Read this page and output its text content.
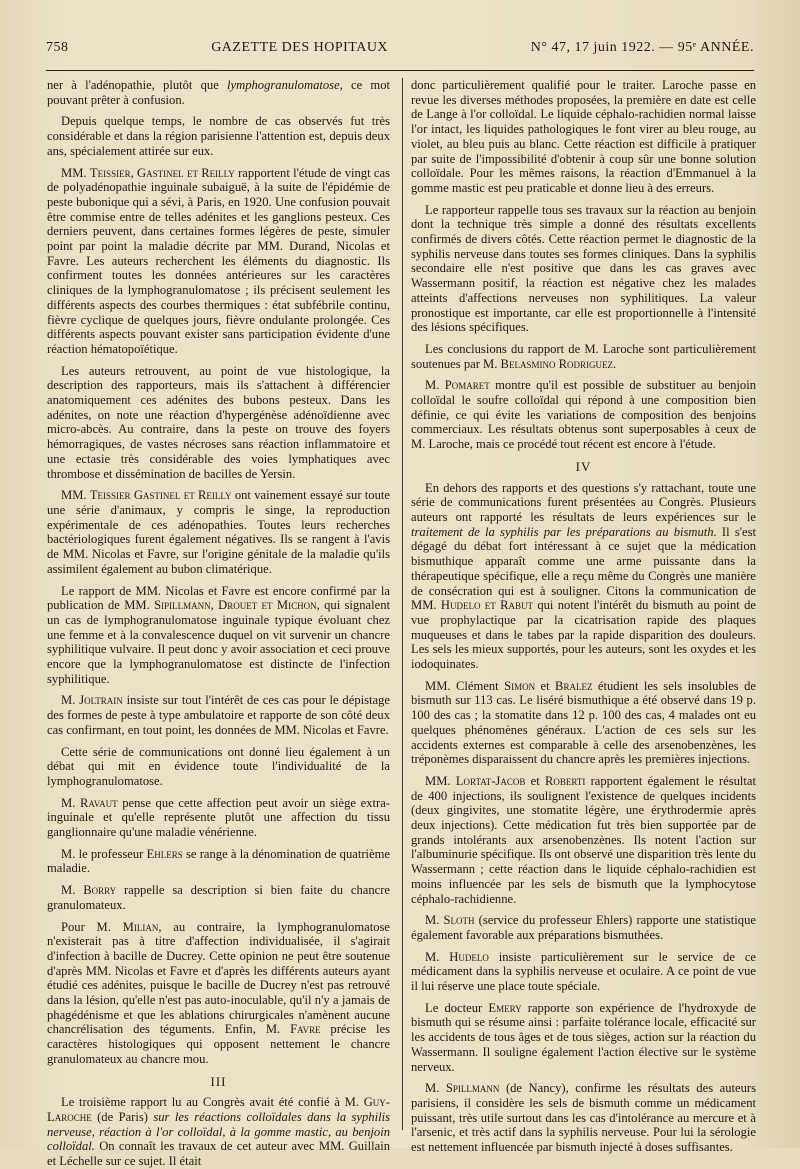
758	GAZETTE DES HOPITAUX	N° 47, 17 juin 1922. — 95ᵉ ANNÉE.

ner à l'adénopathie, plutôt que lymphogranulomatose, ce mot pouvant prêter à confusion.

Depuis quelque temps, le nombre de cas observés fut très considérable et dans la région parisienne l'attention est, depuis deux ans, spécialement attirée sur eux.

MM. Teissier, Gastinel et Reilly rapportent l'étude de vingt cas de polyadénopathie inguinale subaiguë, à la suite de l'épidémie de peste bubonique qui a sévi, à Paris, en 1920. Une confusion pouvait être commise entre de telles adénites et les ganglions pesteux. Ces derniers peuvent, dans certaines formes légères de peste, simuler point par point la maladie décrite par MM. Durand, Nicolas et Favre. Les auteurs recherchent les éléments du diagnostic. Ils confirment toutes les données antérieures sur les caractères cliniques de la lymphogranulomatose ; ils précisent seulement les différents aspects des courbes thermiques : état subfébrile continu, fièvre cyclique de quelques jours, fièvre ondulante prolongée. Ces différents aspects pouvant exister sans participation évidente d'une réaction hématopoïétique.

Les auteurs retrouvent, au point de vue histologique, la description des rapporteurs, mais ils s'attachent à différencier anatomiquement ces adénites des bubons pesteux. Dans les adénites, on note une réaction d'hypergénèse adénoïdienne avec micro-abcès. Au contraire, dans la peste on trouve des foyers hémorragiques, de vastes nécroses sans réaction inflammatoire et une ectasie très considérable des voies lymphatiques avec thrombose et dissémination de bacilles de Yersin.

MM. Teissier Gastinel et Reilly ont vainement essayé sur toute une série d'animaux, y compris le singe, la reproduction expérimentale de ces adénopathies. Toutes leurs recherches bactériologiques furent également négatives. Ils se rangent à l'avis de MM. Nicolas et Favre, sur l'origine génitale de la maladie qu'ils assimilent également au bubon climatérique.

Le rapport de MM. Nicolas et Favre est encore confirmé par la publication de MM. Sipillmann, Drouet et Michon, qui signalent un cas de lymphogranulomatose inguinale typique évoluant chez une femme et à la convalescence duquel on vit survenir un chancre syphilitique vulvaire. Il peut donc y avoir association et ceci prouve encore que la lymphogranulomatose est distincte de l'infection syphilitique.

M. Joltrain insiste sur tout l'intérêt de ces cas pour le dépistage des formes de peste à type ambulatoire et rapporte de son côté deux cas confirmant, en tout point, les données de MM. Nicolas et Favre.

Cette série de communications ont donné lieu également à un débat qui mit en évidence toute l'individualité de la lymphogranulomatose.

M. Ravaut pense que cette affection peut avoir un siège extra-inguinale et qu'elle représente plutôt une affection du tissu ganglionnaire qu'une maladie vénérienne.

M. le professeur Ehlers se range à la dénomination de quatrième maladie.

M. Borry rappelle sa description si bien faite du chancre granulomateux.

Pour M. Milian, au contraire, la lymphogranulomatose n'existerait pas à titre d'affection individualisée, il s'agirait d'infection à bacille de Ducrey. Cette opinion ne peut être soutenue d'après MM. Nicolas et Favre et d'après les différents auteurs ayant étudié ces adénites, puisque le bacille de Ducrey n'est pas retrouvé dans la lésion, qu'elle n'est pas auto-inoculable, qu'il n'y a jamais de phagédénisme et que les ablations chirurgicales n'amènent aucune chancrélisation des téguments. Enfin, M. Favre précise les caractères histologiques qui opposent nettement le chancre granulomateux au chancre mou.

III

Le troisième rapport lu au Congrès avait été confié à M. Guy-Laroche (de Paris) sur les réactions colloïdales dans la syphilis nerveuse, réaction à l'or colloïdal, à la gomme mastic, au benjoin colloïdal. On connaît les travaux de cet auteur avec MM. Guillain et Léchelle sur ce sujet. Il était

donc particulièrement qualifié pour le traiter. Laroche passe en revue les diverses méthodes proposées, la première en date est celle de Lange à l'or colloïdal. Le liquide céphalo-rachidien normal laisse l'or intact, les liquides pathologiques le font virer au bleu rouge, au violet, au bleu puis au blanc. Cette réaction est difficile à pratiquer par suite de l'impossibilité d'obtenir à coup sûr une bonne solution colloïdale. Pour les mêmes raisons, la réaction d'Emmanuel à la gomme mastic est peu praticable et donne lieu à des erreurs.

Le rapporteur rappelle tous ses travaux sur la réaction au benjoin dont la technique très simple a donné des résultats excellents confirmés de divers côtés. Cette réaction permet le diagnostic de la syphilis nerveuse dans toutes ses formes cliniques. Dans la syphilis secondaire elle n'est positive que dans les cas graves avec Wassermann positif, la réaction est négative chez les malades atteints d'affections nerveuses non syphilitiques. La valeur pronostique est importante, car elle est proportionnelle à l'intensité des lésions spécifiques.

Les conclusions du rapport de M. Laroche sont particulièrement soutenues par M. Belasmino Rodriguez.

M. Pomaret montre qu'il est possible de substituer au benjoin colloïdal le soufre colloïdal qui répond à une composition bien définie, ce qui évite les variations de composition des benjoins commerciaux. Les résultats obtenus sont superposables à ceux de M. Laroche, mais ce procédé tout récent est encore à l'étude.

IV

En dehors des rapports et des questions s'y rattachant, toute une série de communications furent présentées au Congrès. Plusieurs auteurs ont rapporté les résultats de leurs expériences sur le traitement de la syphilis par les préparations au bismuth. Il s'est dégagé du débat fort intéressant à ce sujet que la médication bismuthique apparaît comme une arme puissante dans la thérapeutique spécifique, elle a reçu même du Congrès une manière de consécration qui est à souligner. Citons la communication de MM. Hudelo et Rabut qui notent l'intérêt du bismuth au point de vue prophylactique par la cicatrisation rapide des plaques muqueuses et dans le tabes par la rapide disparition des douleurs. Les sels les mieux supportés, pour les auteurs, sont les oxydes et les iodoquinates.

MM. Clément Simon et Bralez étudient les sels insolubles de bismuth sur 113 cas. Le liséré bismuthique a été observé dans 19 p. 100 des cas ; la stomatite dans 12 p. 100 des cas, 4 malades ont eu quelques phénomènes généraux. L'action de ces sels sur les accidents externes est comparable à celle des arsenobenzènes, les tréponèmes disparaissent du chancre après les premières injections.

MM. Lortat-Jacob et Roberti rapportent également le résultat de 400 injections, ils soulignent l'existence de quelques incidents (deux gingivites, une stomatite légère, une érythrodermie après deux injections). Cette médication fut très bien supportée par de grands intolérants aux arsenobenzènes. Ils notent l'action sur l'albuminurie spécifique. Ils ont observé une disparition très lente du Wassermann ; cette réaction dans le liquide céphalo-rachidien est moins influencée par les sels de bismuth que la lymphocytose céphalo-rachidienne.

M. Sloth (service du professeur Ehlers) rapporte une statistique également favorable aux préparations bismuthées.

M. Hudelo insiste particulièrement sur le service de ce médicament dans la syphilis nerveuse et oculaire. A ce point de vue il lui réserve une place toute spéciale.

Le docteur Emery rapporte son expérience de l'hydroxyde de bismuth qui se résume ainsi : parfaite tolérance locale, efficacité sur les accidents de tous âges et de tous sièges, action sur la réaction du Wassermann. Il souligne également l'action élective sur le système nerveux.

M. Spillmann (de Nancy), confirme les résultats des auteurs parisiens, il considère les sels de bismuth comme un médicament puissant, très utile surtout dans les cas d'intolérance au mercure et à l'arsenic, et très actif dans la syphilis nerveuse. Pour lui la sérologie est nettement influencée par bismuth injecté à doses suffisantes.
